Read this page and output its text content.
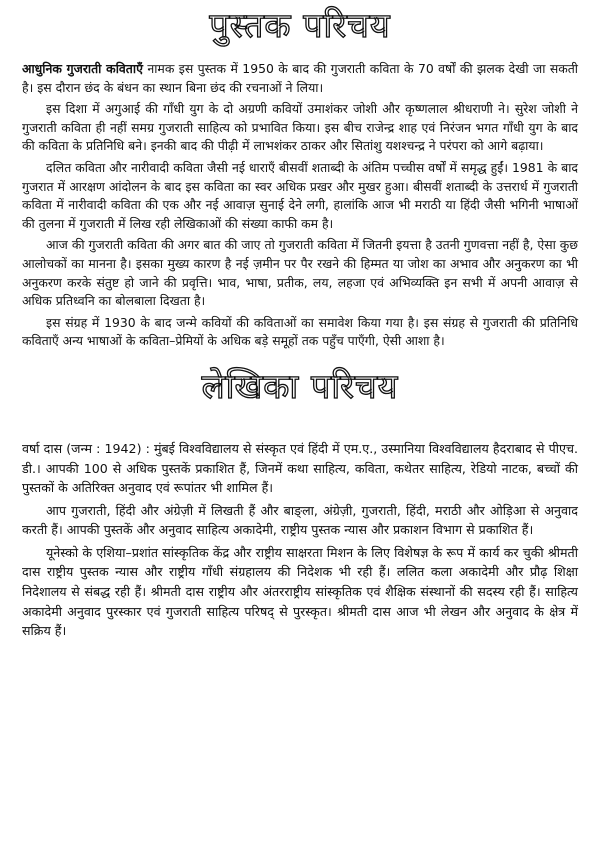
पुस्तक परिचय

आधुनिक गुजराती कविताएँ नामक इस पुस्तक में 1950 के बाद की गुजराती कविता के 70 वर्षों की झलक देखी जा सकती है। इस दौरान छंद के बंधन का स्थान बिना छंद की रचनाओं ने लिया।

इस दिशा में अगुआई की गाँधी युग के दो अग्रणी कवियों उमाशंकर जोशी और कृष्णलाल श्रीधराणी ने। सुरेश जोशी ने गुजराती कविता ही नहीं समग्र गुजराती साहित्य को प्रभावित किया। इस बीच राजेन्द्र शाह एवं निरंजन भगत गाँधी युग के बाद की कविता के प्रतिनिधि बने। इनकी बाद की पीढ़ी में लाभशंकर ठाकर और सितांशु यशश्चन्द्र ने परंपरा को आगे बढ़ाया।

दलित कविता और नारीवादी कविता जैसी नई धाराएँ बीसवीं शताब्दी के अंतिम पच्चीस वर्षों में समृद्ध हुईं। 1981 के बाद गुजरात में आरक्षण आंदोलन के बाद इस कविता का स्वर अधिक प्रखर और मुखर हुआ। बीसवीं शताब्दी के उत्तरार्ध में गुजराती कविता में नारीवादी कविता की एक और नई आवाज़ सुनाई देने लगी, हालांकि आज भी मराठी या हिंदी जैसी भगिनी भाषाओं की तुलना में गुजराती में लिख रही लेखिकाओं की संख्या काफी कम है।

आज की गुजराती कविता की अगर बात की जाए तो गुजराती कविता में जितनी इयत्ता है उतनी गुणवत्ता नहीं है, ऐसा कुछ आलोचकों का मानना है। इसका मुख्य कारण है नई ज़मीन पर पैर रखने की हिम्मत या जोश का अभाव और अनुकरण का भी अनुकरण करके संतुष्ट हो जाने की प्रवृत्ति। भाव, भाषा, प्रतीक, लय, लहजा एवं अभिव्यक्ति इन सभी में अपनी आवाज़ से अधिक प्रतिध्वनि का बोलबाला दिखता है।

इस संग्रह में 1930 के बाद जन्मे कवियों की कविताओं का समावेश किया गया है। इस संग्रह से गुजराती की प्रतिनिधि कविताएँ अन्य भाषाओं के कविता–प्रेमियों के अधिक बड़े समूहों तक पहुँच पाएँगी, ऐसी आशा है।

लेखिका परिचय

वर्षा दास (जन्म : 1942) : मुंबई विश्वविद्यालय से संस्कृत एवं हिंदी में एम.ए., उस्मानिया विश्वविद्यालय हैदराबाद से पीएच. डी.। आपकी 100 से अधिक पुस्तकें प्रकाशित हैं, जिनमें कथा साहित्य, कविता, कथेतर साहित्य, रेडियो नाटक, बच्चों की पुस्तकों के अतिरिक्त अनुवाद एवं रूपांतर भी शामिल हैं।

आप गुजराती, हिंदी और अंग्रेज़ी में लिखती हैं और बाङ्ला, अंग्रेज़ी, गुजराती, हिंदी, मराठी और ओड़िआ से अनुवाद करती हैं। आपकी पुस्तकें और अनुवाद साहित्य अकादेमी, राष्ट्रीय पुस्तक न्यास और प्रकाशन विभाग से प्रकाशित हैं।

यूनेस्को के एशिया–प्रशांत सांस्कृतिक केंद्र और राष्ट्रीय साक्षरता मिशन के लिए विशेषज्ञ के रूप में कार्य कर चुकी श्रीमती दास राष्ट्रीय पुस्तक न्यास और राष्ट्रीय गाँधी संग्रहालय की निदेशक भी रही हैं। ललित कला अकादेमी और प्रौढ़ शिक्षा निदेशालय से संबद्ध रही हैं। श्रीमती दास राष्ट्रीय और अंतरराष्ट्रीय सांस्कृतिक एवं शैक्षिक संस्थानों की सदस्य रही हैं। साहित्य अकादेमी अनुवाद पुरस्कार एवं गुजराती साहित्य परिषद् से पुरस्कृत। श्रीमती दास आज भी लेखन और अनुवाद के क्षेत्र में सक्रिय हैं।
